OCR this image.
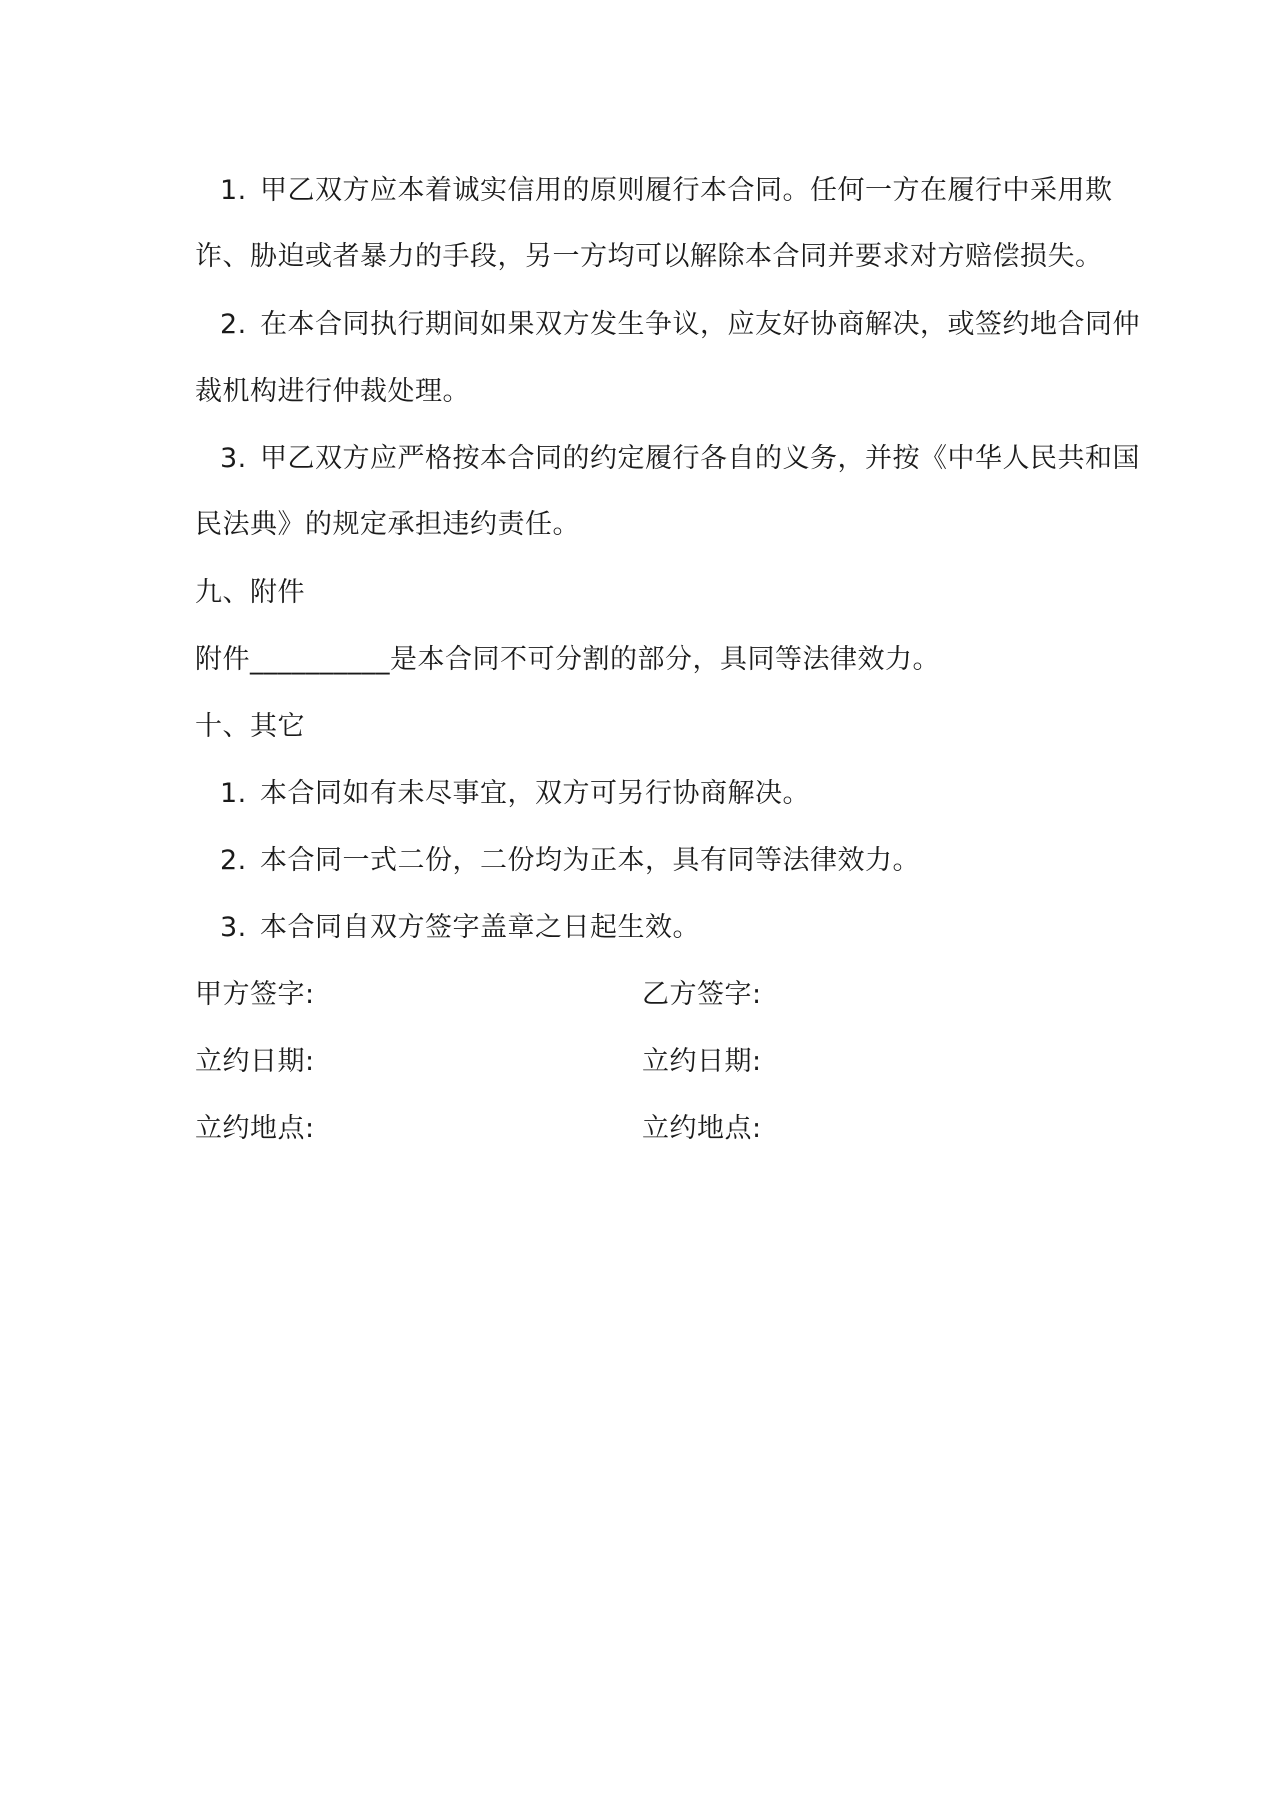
1. 甲乙双方应本着诚实信用的原则履行本合同。任何一方在履行中采用欺
诈、胁迫或者暴力的手段，另一方均可以解除本合同并要求对方赔偿损失。
2. 在本合同执行期间如果双方发生争议，应友好协商解决，或签约地合同仲
裁机构进行仲裁处理。
3. 甲乙双方应严格按本合同的约定履行各自的义务，并按《中华人民共和国
民法典》的规定承担违约责任。
九、附件
附件__________是本合同不可分割的部分，具同等法律效力。
十、其它
1. 本合同如有未尽事宜，双方可另行协商解决。
2. 本合同一式二份，二份均为正本，具有同等法律效力。
3. 本合同自双方签字盖章之日起生效。
甲方签字:	乙方签字:
立约日期:	立约日期:
立约地点:	立约地点:
